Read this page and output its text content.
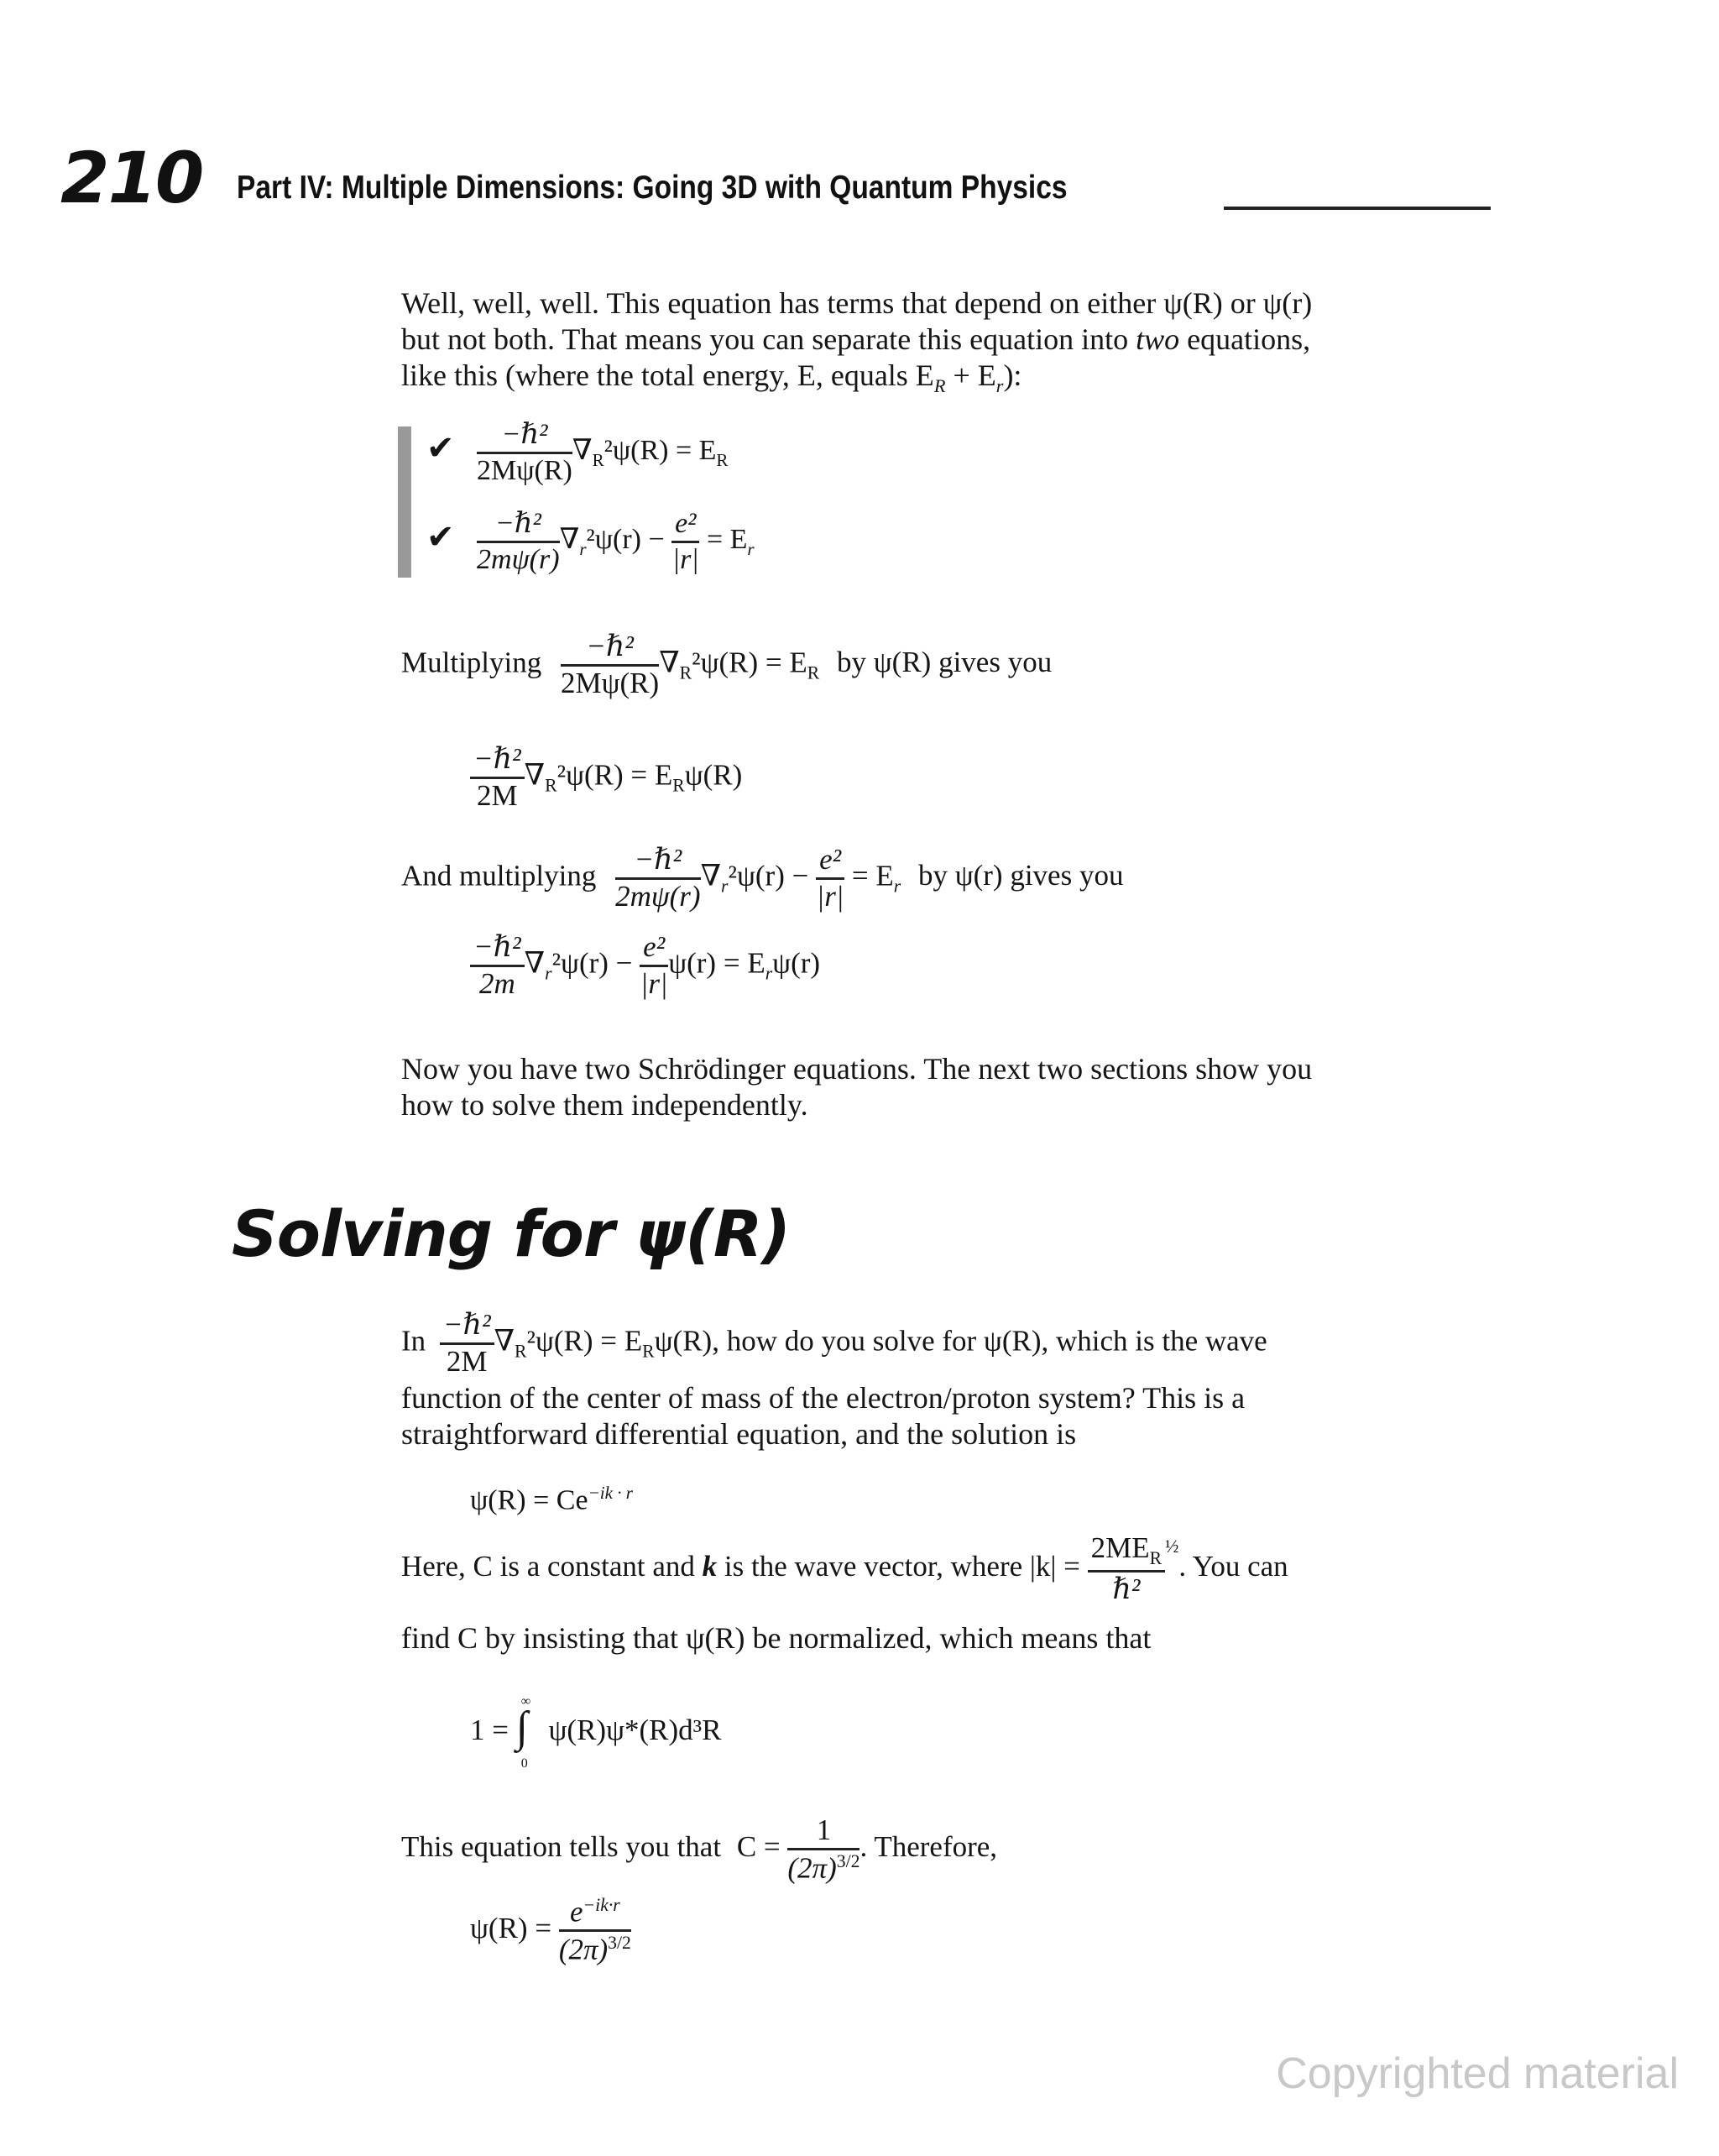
210 Part IV: Multiple Dimensions: Going 3D with Quantum Physics
Well, well, well. This equation has terms that depend on either ψ(R) or ψ(r)
but not both. That means you can separate this equation into two equations,
like this (where the total energy, E, equals $E_R + E_r$):
✔ $\frac{\text{−ℏ²}}{2M\psi(R)} \nabla_R^2\psi(R) = E_R$
✔ $\frac{\text{−ℏ²}}{2m\psi(r)} \nabla_r^2\psi(r) - \frac{\text{e²}}{|r|} = E_r$
Multiplying $\frac{\text{−ℏ²}}{2M\psi(R)} \nabla_R^2\psi(R) = E_R$ by ψ(R) gives you
$\frac{\text{−ℏ²}}{2M} \nabla_R^2\psi(R) = E_R\psi(R)$
And multiplying $\frac{\text{−ℏ²}}{2m\psi(r)} \nabla_r^2\psi(r) - \frac{\text{e²}}{|r|} = E_r$ by ψ(r) gives you
$\frac{\text{−ℏ²}}{2m} \nabla_r^2\psi(r) - \frac{\text{e²}}{|r|} \psi(r) = E_r\psi(r)$
Now you have two Schrödinger equations. The next two sections show you
how to solve them independently.
Solving for ψ(R)
In $\frac{\text{−ℏ²}}{2M} \nabla_R^2\psi(R) = E_R\psi(R)$, how do you solve for ψ(R), which is the wave
function of the center of mass of the electron/proton system? This is a
straightforward differential equation, and the solution is
$\psi(R) = Ce^{-ik \cdot r}$
Here, C is a constant and k is the wave vector, where $|k| = \frac{2ME_R}{\text{ℏ²}} ^{\frac{1}{2}}$. You can
find C by insisting that ψ(R) be normalized, which means that
1 =
∞
∫
0
ψ(R)ψ*(R)d³R
This equation tells you that $C = \frac{1}{(2\pi)^{3/2}}$ . Therefore,
$\psi(R) = \frac{e^{-ik\cdot r}}{(2\pi)^{3/2}}$
Copyrighted material
